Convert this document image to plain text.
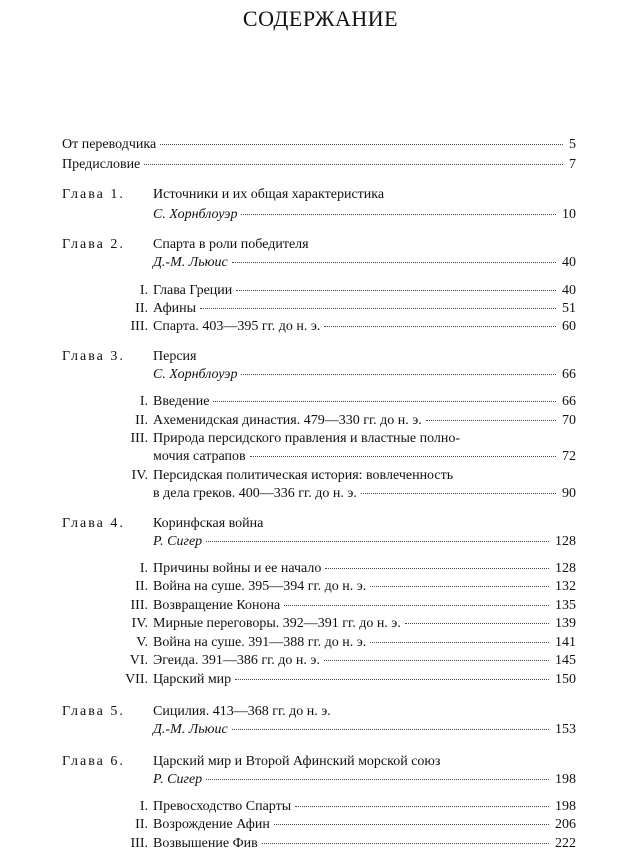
СОДЕРЖАНИЕ
От переводчика	5
Предисловие	7
Глава 1. Источники и их общая характеристика
С. Хорнблоуэр	10
Глава 2. Спарта в роли победителя
Д.-М. Льюис	40
I. Глава Греции	40
II. Афины	51
III. Спарта. 403—395 гг. до н. э.	60
Глава 3. Персия
С. Хорнблоуэр	66
I. Введение	66
II. Ахеменидская династия. 479—330 гг. до н. э.	70
III. Природа персидского правления и властные полно-
мочия сатрапов	72
IV. Персидская политическая история: вовлеченность
в дела греков. 400—336 гг. до н. э.	90
Глава 4. Коринфская война
Р. Сигер	128
I. Причины войны и ее начало	128
II. Война на суше. 395—394 гг. до н. э.	132
III. Возвращение Конона	135
IV. Мирные переговоры. 392—391 гг. до н. э.	139
V. Война на суше. 391—388 гг. до н. э.	141
VI. Эгеида. 391—386 гг. до н. э.	145
VII. Царский мир	150
Глава 5. Сицилия. 413—368 гг. до н. э.
Д.-М. Льюис	153
Глава 6. Царский мир и Второй Афинский морской союз
Р. Сигер	198
I. Превосходство Спарты	198
II. Возрождение Афин	206
III. Возвышение Фив	222
